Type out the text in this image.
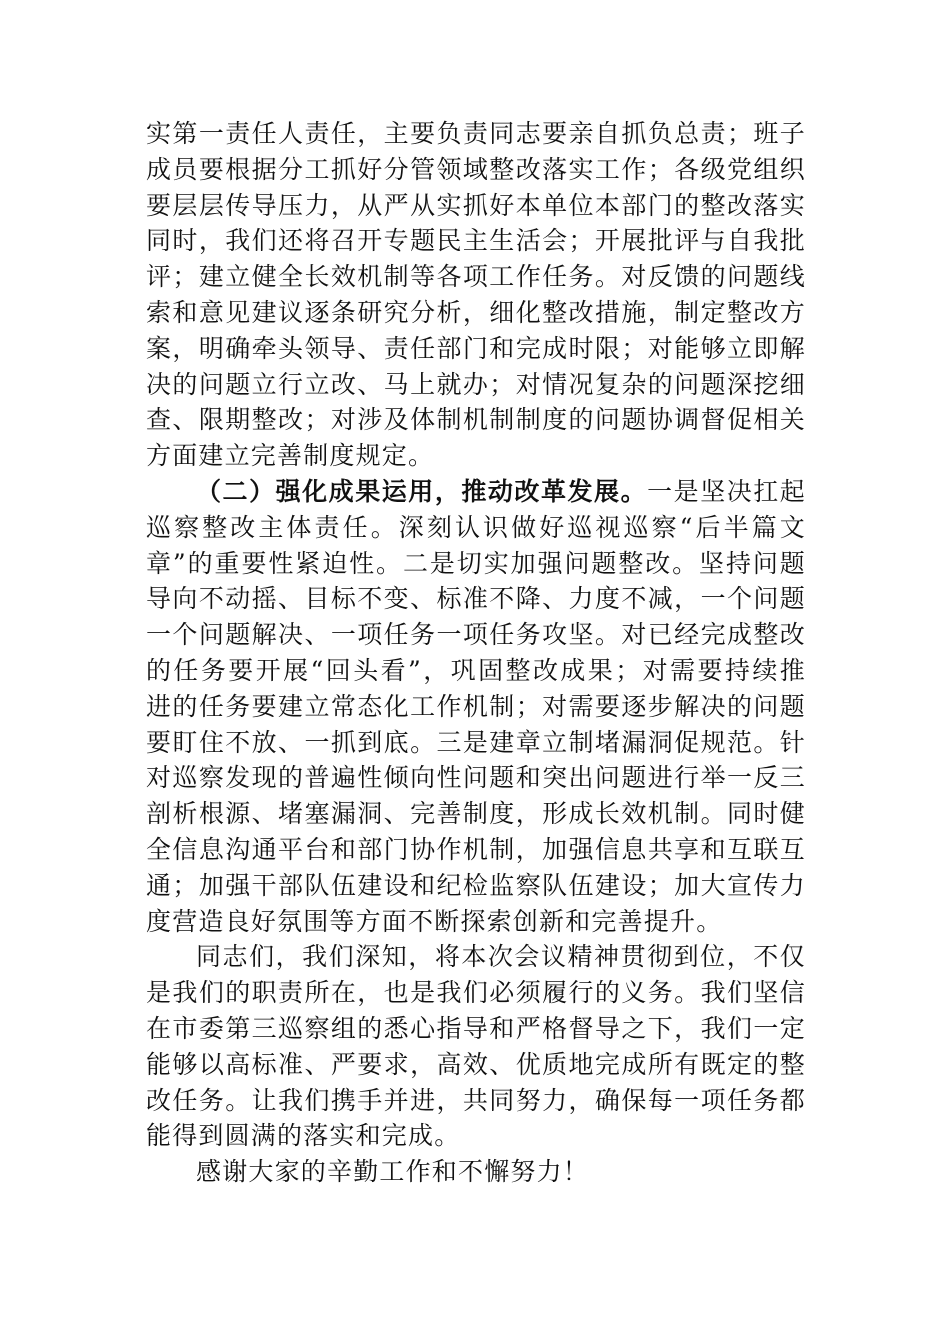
实第一责任人责任，主要负责同志要亲自抓负总责；班子
成员要根据分工抓好分管领域整改落实工作；各级党组织
要层层传导压力，从严从实抓好本单位本部门的整改落实
同时，我们还将召开专题民主生活会；开展批评与自我批
评；建立健全长效机制等各项工作任务。对反馈的问题线
索和意见建议逐条研究分析，细化整改措施，制定整改方
案，明确牵头领导、责任部门和完成时限；对能够立即解
决的问题立行立改、马上就办；对情况复杂的问题深挖细
查、限期整改；对涉及体制机制制度的问题协调督促相关
方面建立完善制度规定。
（二）强化成果运用，推动改革发展。一是坚决扛起
巡察整改主体责任。深刻认识做好巡视巡察“后半篇文
章”的重要性紧迫性。二是切实加强问题整改。坚持问题
导向不动摇、目标不变、标准不降、力度不减，一个问题
一个问题解决、一项任务一项任务攻坚。对已经完成整改
的任务要开展“回头看”，巩固整改成果；对需要持续推
进的任务要建立常态化工作机制；对需要逐步解决的问题
要盯住不放、一抓到底。三是建章立制堵漏洞促规范。针
对巡察发现的普遍性倾向性问题和突出问题进行举一反三
剖析根源、堵塞漏洞、完善制度，形成长效机制。同时健
全信息沟通平台和部门协作机制，加强信息共享和互联互
通；加强干部队伍建设和纪检监察队伍建设；加大宣传力
度营造良好氛围等方面不断探索创新和完善提升。
同志们，我们深知，将本次会议精神贯彻到位，不仅
是我们的职责所在，也是我们必须履行的义务。我们坚信
在市委第三巡察组的悉心指导和严格督导之下，我们一定
能够以高标准、严要求，高效、优质地完成所有既定的整
改任务。让我们携手并进，共同努力，确保每一项任务都
能得到圆满的落实和完成。
感谢大家的辛勤工作和不懈努力！
